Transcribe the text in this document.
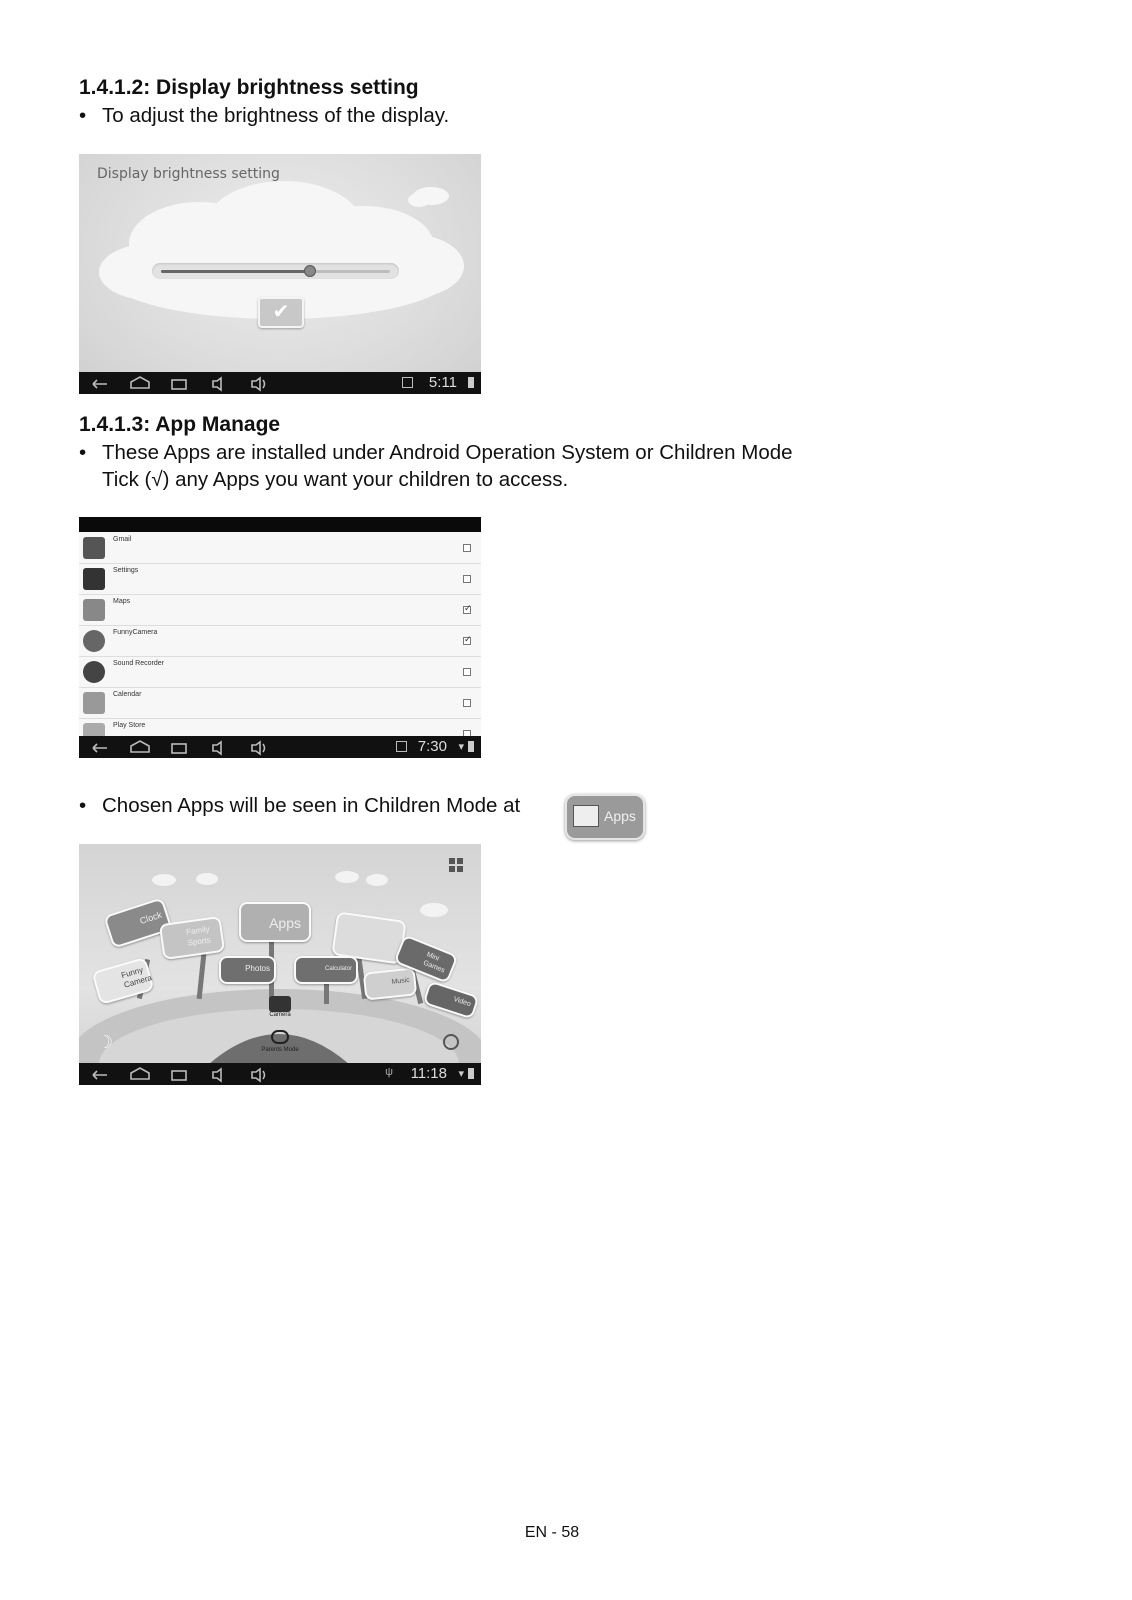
1.4.1.2: Display brightness setting
• To adjust the brightness of the display.
Display brightness setting
✔
5:11
1.4.1.3: App Manage
• These Apps are installed under Android Operation System or Children Mode
Tick (√) any Apps you want your children to access.
Gmail
Settings
Maps
✓
FunnyCamera
✓
Sound Recorder
Calendar
Play Store
7:30 ▾
• Chosen Apps will be seen in Children Mode at	Apps
Clock
Family Sports
Apps
Photos	Calculator
Music
Mini Games
Video
Funny Camera
Camera
Parents Mode
☽
ψ 11:18 ▾
EN - 58
